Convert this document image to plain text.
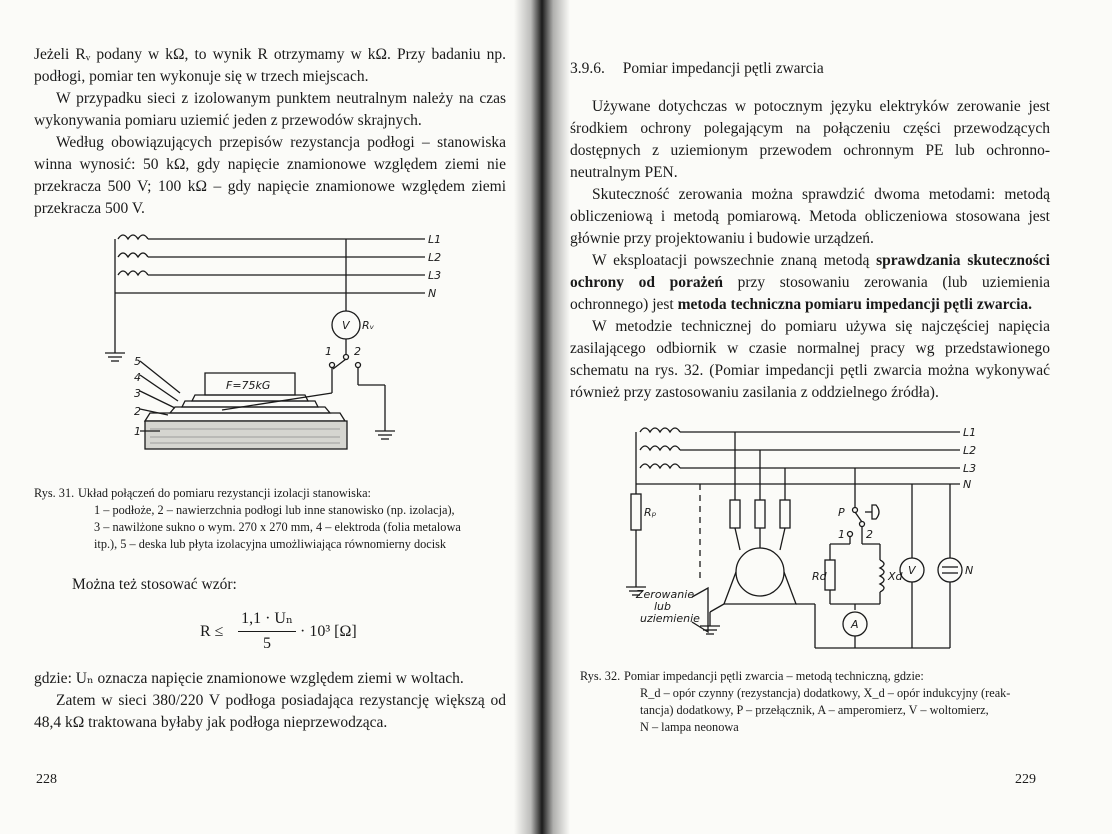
Jeżeli Rᵥ podany w kΩ, to wynik R otrzymamy w kΩ. Przy badaniu np. podłogi, pomiar ten wykonuje się w trzech miejscach.

W przypadku sieci z izolowanym punktem neutralnym należy na czas wykonywania pomiaru uziemić jeden z przewodów skrajnych.

Według obowiązujących przepisów rezystancja podłogi – stanowiska winna wynosić: 50 kΩ, gdy napięcie znamionowe względem ziemi nie przekracza 500 V; 100 kΩ – gdy napięcie znamionowe względem ziemi przekracza 500 V.

L1
L2
L3
N
V Rᵥ
F=75kG
1 2
5
4
3
2
1
Rys. 31. Układ połączeń do pomiaru rezystancji izolacji stanowiska:
1 – podłoże, 2 – nawierzchnia podłogi lub inne stanowisko (np. izolacja),
3 – nawilżone sukno o wym. 270 x 270 mm, 4 – elektroda (folia metalowa
itp.), 5 – deska lub płyta izolacyjna umożliwiająca równomierny docisk
Można też stosować wzór:
R ≤
1,1 · Uₙ
5
· 10³ [Ω]

gdzie: Uₙ oznacza napięcie znamionowe względem ziemi w woltach.

Zatem w sieci 380/220 V podłoga posiadająca rezystancję większą od 48,4 kΩ traktowana byłaby jak podłoga nieprzewodząca.

228
3.9.6. Pomiar impedancji pętli zwarcia

Używane dotychczas w potocznym języku elektryków zerowanie jest środkiem ochrony polegającym na połączeniu części przewodzących dostępnych z uziemionym przewodem ochronnym PE lub ochronno-neutralnym PEN.

Skuteczność zerowania można sprawdzić dwoma metodami: metodą obliczeniową i metodą pomiarową. Metoda obliczeniowa stosowana jest głównie przy projektowaniu i budowie urządzeń.

W eksploatacji powszechnie znaną metodą sprawdzania skuteczności ochrony od porażeń przy stosowaniu zerowania (lub uziemienia ochronnego) jest metoda techniczna pomiaru impedancji pętli zwarcia.

W metodzie technicznej do pomiaru używa się najczęściej napięcia zasilającego odbiornik w czasie normalnej pracy wg przedstawionego schematu na rys. 32. (Pomiar impedancji pętli zwarcia można wykonywać również przy zastosowaniu zasilania z oddzielnego źródła).

L1
L2
L3
N
Rₚ	P
1 2
Rd	Xd V	N
A
Zerowanie
lub
uziemienie
Rys. 32. Pomiar impedancji pętli zwarcia – metodą techniczną, gdzie:
R_d – opór czynny (rezystancja) dodatkowy, X_d – opór indukcyjny (reak-
tancja) dodatkowy, P – przełącznik, A – amperomierz, V – woltomierz,
N – lampa neonowa
229
